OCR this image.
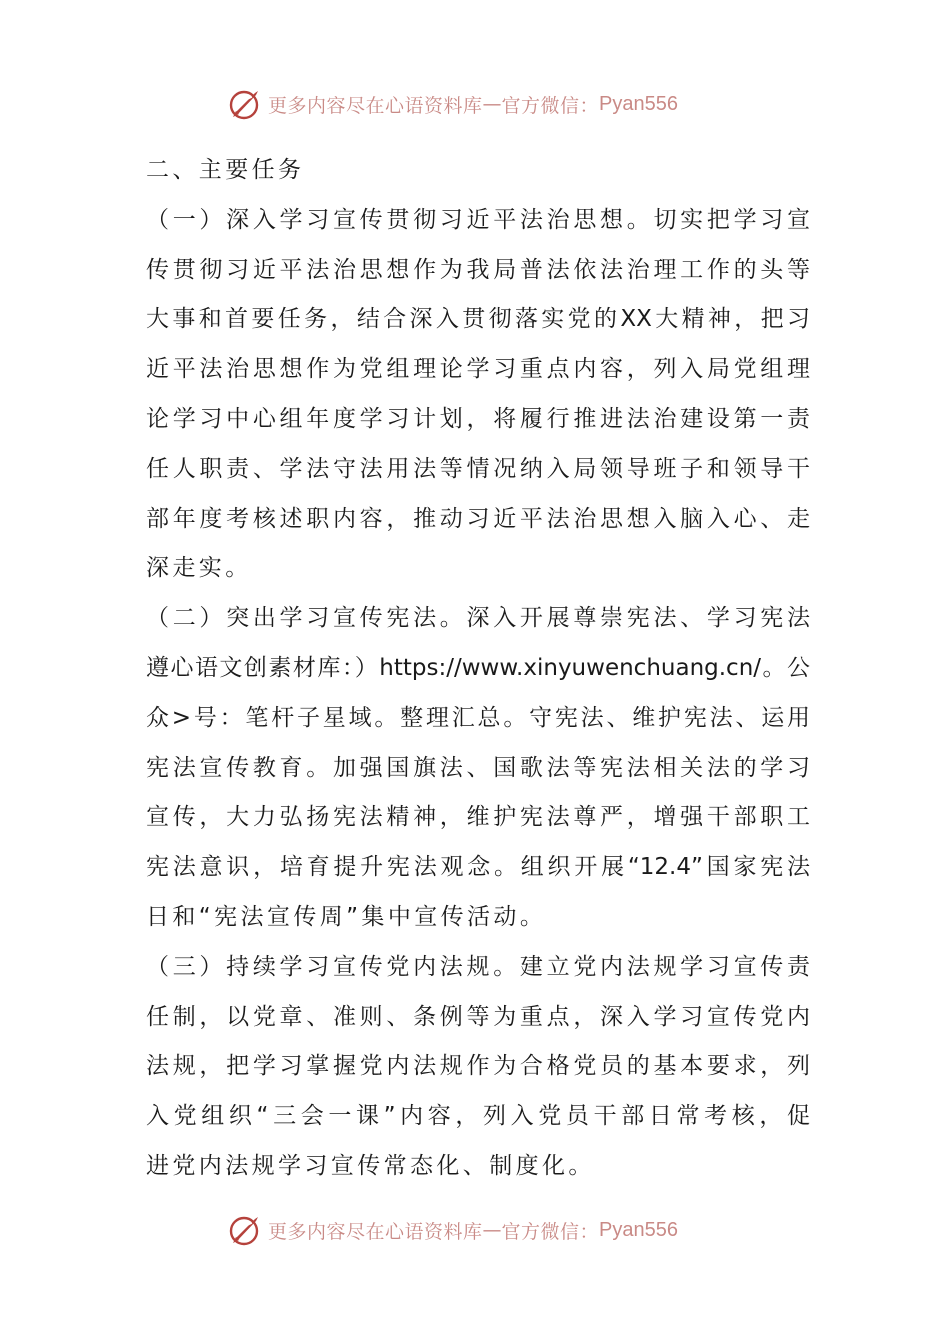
更多内容尽在心语资料库 — 官方微信： Pyan556
二、主要任务
（一）深入学习宣传贯彻习近平法治思想。切实把学习宣
传贯彻习近平法治思想作为我局普法依法治理工作的头等
大事和首要任务，结合深入贯彻落实党的XX大精神，把习
近平法治思想作为党组理论学习重点内容，列入局党组理
论学习中心组年度学习计划，将履行推进法治建设第一责
任人职责、学法守法用法等情况纳入局领导班子和领导干
部年度考核述职内容，推动习近平法治思想入脑入心、走
深走实。
（二）突出学习宣传宪法。深入开展尊崇宪法、学习宪法
遵心语文创素材库：）https://www.xinyuwenchuang.cn/。公
众>号：笔杆子星域。整理汇总。守宪法、维护宪法、运用
宪法宣传教育。加强国旗法、国歌法等宪法相关法的学习
宣传，大力弘扬宪法精神，维护宪法尊严，增强干部职工
宪法意识，培育提升宪法观念。组织开展“12.4”国家宪法
日和“宪法宣传周”集中宣传活动。
（三）持续学习宣传党内法规。建立党内法规学习宣传责
任制，以党章、准则、条例等为重点，深入学习宣传党内
法规，把学习掌握党内法规作为合格党员的基本要求，列
入党组织“三会一课”内容，列入党员干部日常考核，促
进党内法规学习宣传常态化、制度化。
更多内容尽在心语资料库 — 官方微信： Pyan556
